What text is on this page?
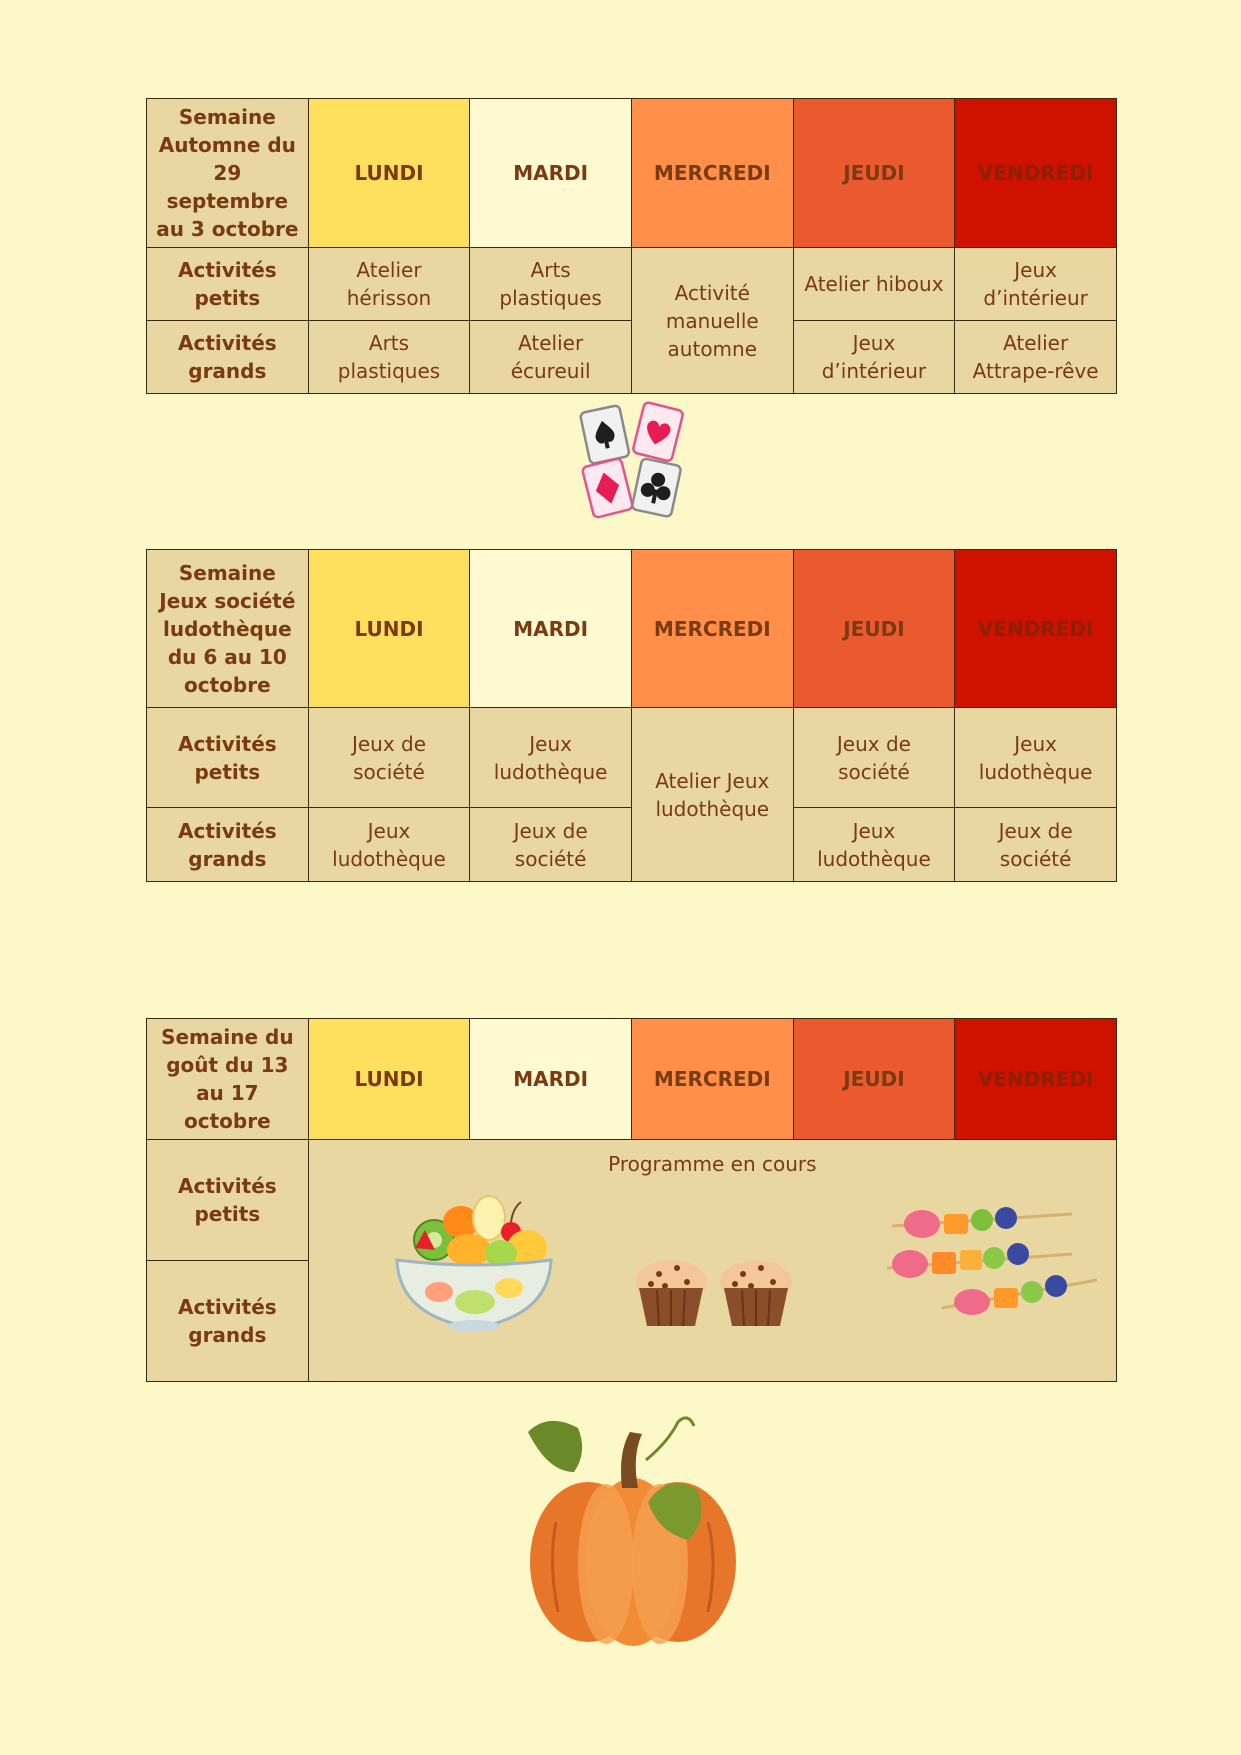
Semaine Automne du 29 septembre au 3 octobre	LUNDI	MARDI	MERCREDI	JEUDI	VENDREDI
Activités petits	Atelier hérisson	Arts plastiques	Activité manuelle automne	Atelier hiboux	Jeux d’intérieur
Activités grands	Arts plastiques	Atelier écureuil		Jeux d’intérieur	Atelier Attrape-rêve
Semaine Jeux société ludothèque du 6 au 10 octobre	LUNDI	MARDI	MERCREDI	JEUDI	VENDREDI
Activités petits	Jeux de société	Jeux ludothèque	Atelier Jeux ludothèque	Jeux de société	Jeux ludothèque
Activités grands	Jeux ludothèque	Jeux de société		Jeux ludothèque	Jeux de société
Semaine du goût du 13 au 17 octobre	LUNDI	MARDI	MERCREDI	JEUDI	VENDREDI
Activités petits	Programme en cours				

Activités grands					
